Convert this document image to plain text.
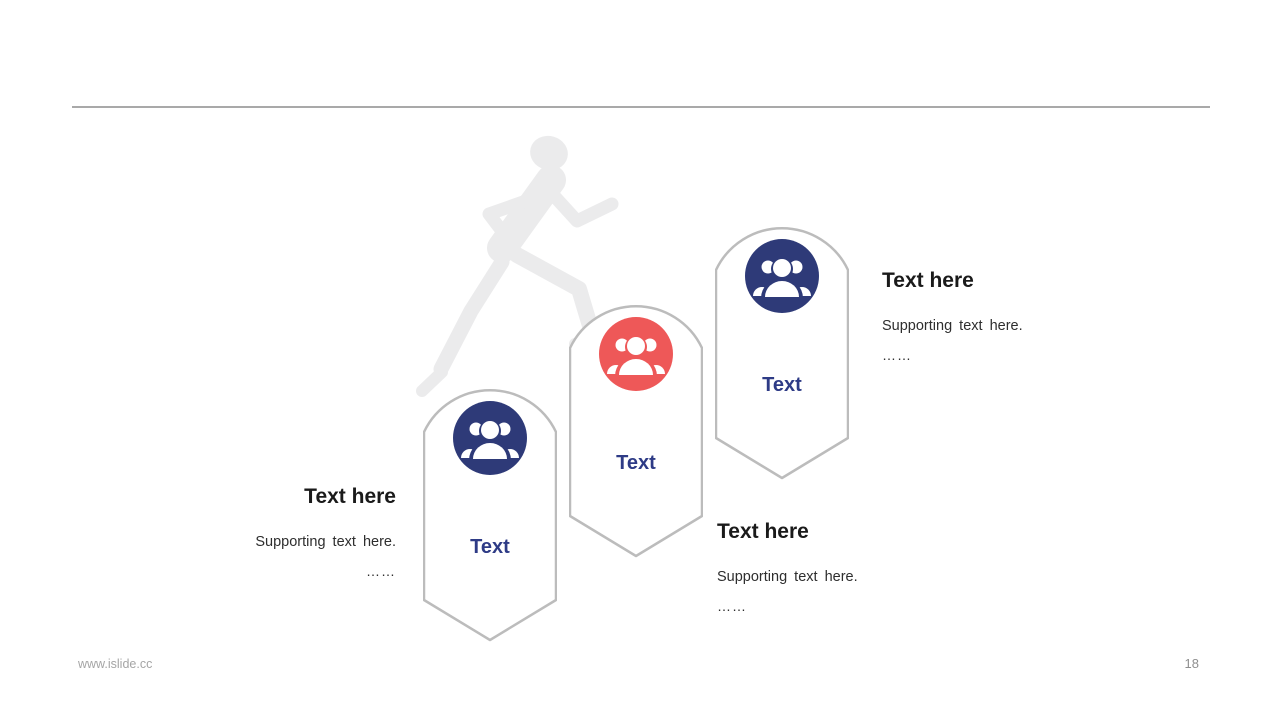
Text
Text
Text
Text here
Supporting text here.
……
Text here
Supporting text here.
……
Text here
Supporting text here.
……
www.islide.cc	18
